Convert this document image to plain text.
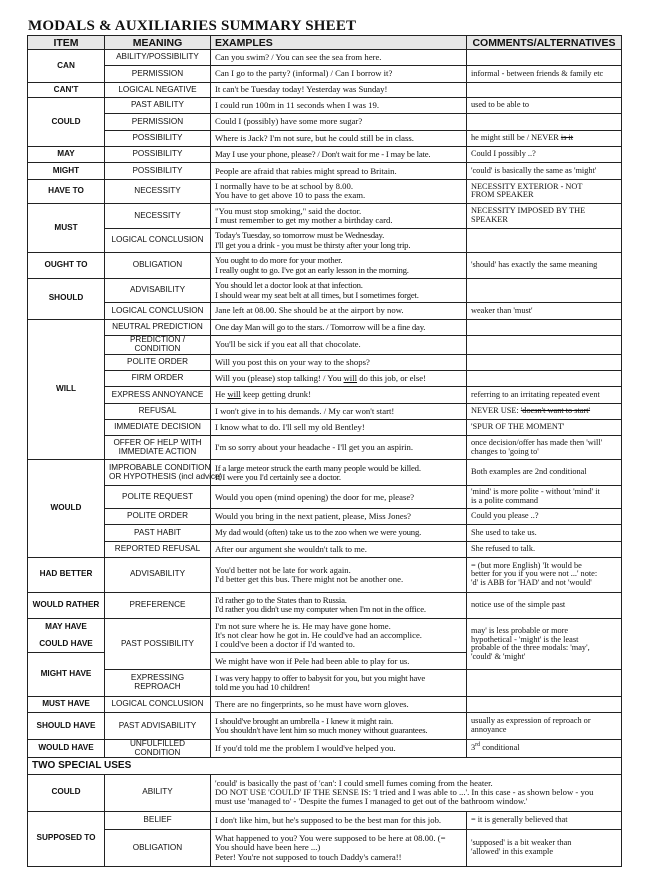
MODALS & AUXILIARIES SUMMARY SHEET
ITEM	MEANING	EXAMPLES	COMMENTS/ALTERNATIVES
CAN	ABILITY/POSSIBILITY	Can you swim? / You can see the sea from here.	
	PERMISSION	Can I go to the party? (informal) / Can I borrow it?	informal - between friends & family etc
CAN'T	LOGICAL NEGATIVE	It can't be Tuesday today! Yesterday was Sunday!	
COULD	PAST ABILITY	I could run 100m in 11 seconds when I was 19.	used to be able to
	PERMISSION	Could I (possibly) have some more sugar?	
	POSSIBILITY	Where is Jack? I'm not sure, but he could still be in class.	he might still be / NEVER is it
MAY	POSSIBILITY	May I use your phone, please? / Don't wait for me - I may be late.	Could I possibly ..?
MIGHT	POSSIBILITY	People are afraid that rabies might spread to Britain.	'could' is basically the same as 'might'
HAVE TO	NECESSITY	I normally have to be at school by 8.00.
You have to get above 10 to pass the exam.	NECESSITY EXTERIOR - NOT
FROM SPEAKER

MUST	NECESSITY	"You must stop smoking," said the doctor.
I must remember to get my mother a birthday card.	NECESSITY IMPOSED BY THE
SPEAKER

	LOGICAL CONCLUSION	Today's Tuesday, so tomorrow must be Wednesday.
I'll get you a drink - you must be thirsty after your long trip.	

OUGHT TO	OBLIGATION	You ought to do more for your mother.
I really ought to go. I've got an early lesson in the morning.	'should' has exactly the same meaning
SHOULD	ADVISABILITY	You should let a doctor look at that infection.
I should wear my seat belt at all times, but I sometimes forget.	

	LOGICAL CONCLUSION	Jane left at 08.00. She should be at the airport by now.	weaker than 'must'
WILL	NEUTRAL PREDICTION	One day Man will go to the stars. / Tomorrow will be a fine day.	
	PREDICTION / CONDITION	You'll be sick if you eat all that chocolate.	
	POLITE ORDER	Will you post this on your way to the shops?	
	FIRM ORDER	Will you (please) stop talking! / You will do this job, or else!	
	EXPRESS ANNOYANCE	He will keep getting drunk!	referring to an irritating repeated event
	REFUSAL	I won't give in to his demands. / My car won't start!	NEVER USE: 'doesn't want to start'
	IMMEDIATE DECISION	I know what to do. I'll sell my old Bentley!	'SPUR OF THE MOMENT'

	OFFER OF HELP WITH
IMMEDIATE ACTION	I'm so sorry about your headache - I'll get you an aspirin.	once decision/offer has made then 'will'
changes to 'going to'

WOULD	IMPROBABLE CONDITION
OR HYPOTHESIS (incl advice)	If a large meteor struck the earth many people would be killed.
If I were you I'd certainly see a doctor.	Both examples are 2nd conditional
	POLITE REQUEST	Would you open (mind opening) the door for me, please?	'mind' is more polite - without 'mind' it
is a polite command

	POLITE ORDER	Would you bring in the next patient, please, Miss Jones?	Could you please ..?
	PAST HABIT	My dad would (often) take us to the zoo when we were young.	She used to take us.
	REPORTED REFUSAL	After our argument she wouldn't talk to me.	She refused to talk.
HAD BETTER	ADVISABILITY	You'd better not be late for work again.
I'd better get this bus. There might not be another one.	= (but more English) 'It would be
better for you if you were not ...' note:
'd' is ABB for 'HAD' and not 'would'

WOULD RATHER	PREFERENCE	I'd rather go to the States than to Russia.
I'd rather you didn't use my computer when I'm not in the office.	notice use of the simple past

MAY HAVE
COULD HAVE	PAST POSSIBILITY	I'm not sure where he is. He may have gone home.
It's not clear how he got in. He could've had an accomplice.
I could've been a doctor if I'd wanted to.	may' is less probable or more
hypothetical - 'might' is the least
probable of the three modals: 'may',
'could' & 'might'

MIGHT HAVE		We might have won if Pele had been able to play for us.	
	EXPRESSING REPROACH	I was very happy to offer to babysit for you, but you might have
told me you had 10 children!	

MUST HAVE	LOGICAL CONCLUSION	There are no fingerprints, so he must have worn gloves.	
SHOULD HAVE	PAST ADVISABILITY	I should've brought an umbrella - I knew it might rain.
You shouldn't have lent him so much money without guarantees.	usually as expression of reproach or
annoyance

WOULD HAVE	UNFULFILLED CONDITION	If you'd told me the problem I would've helped you.	3rd conditional
TWO SPECIAL USES			
COULD	ABILITY	'could' is basically the past of 'can': I could smell fumes coming from the heater.
DO NOT USE 'COULD' IF THE SENSE IS: 'I tried and I was able to ...'. In this case - as shown below - you
must use 'managed to' - 'Despite the fumes I managed to get out of the bathroom window.'	

SUPPOSED TO	BELIEF	I don't like him, but he's supposed to be the best man for this job.	= it is generally believed that
	OBLIGATION	What happened to you? You were supposed to be here at 08.00. (=
You should have been here ...)
Peter! You're not supposed to touch Daddy's camera!!	'supposed' is a bit weaker than
'allowed' in this example
